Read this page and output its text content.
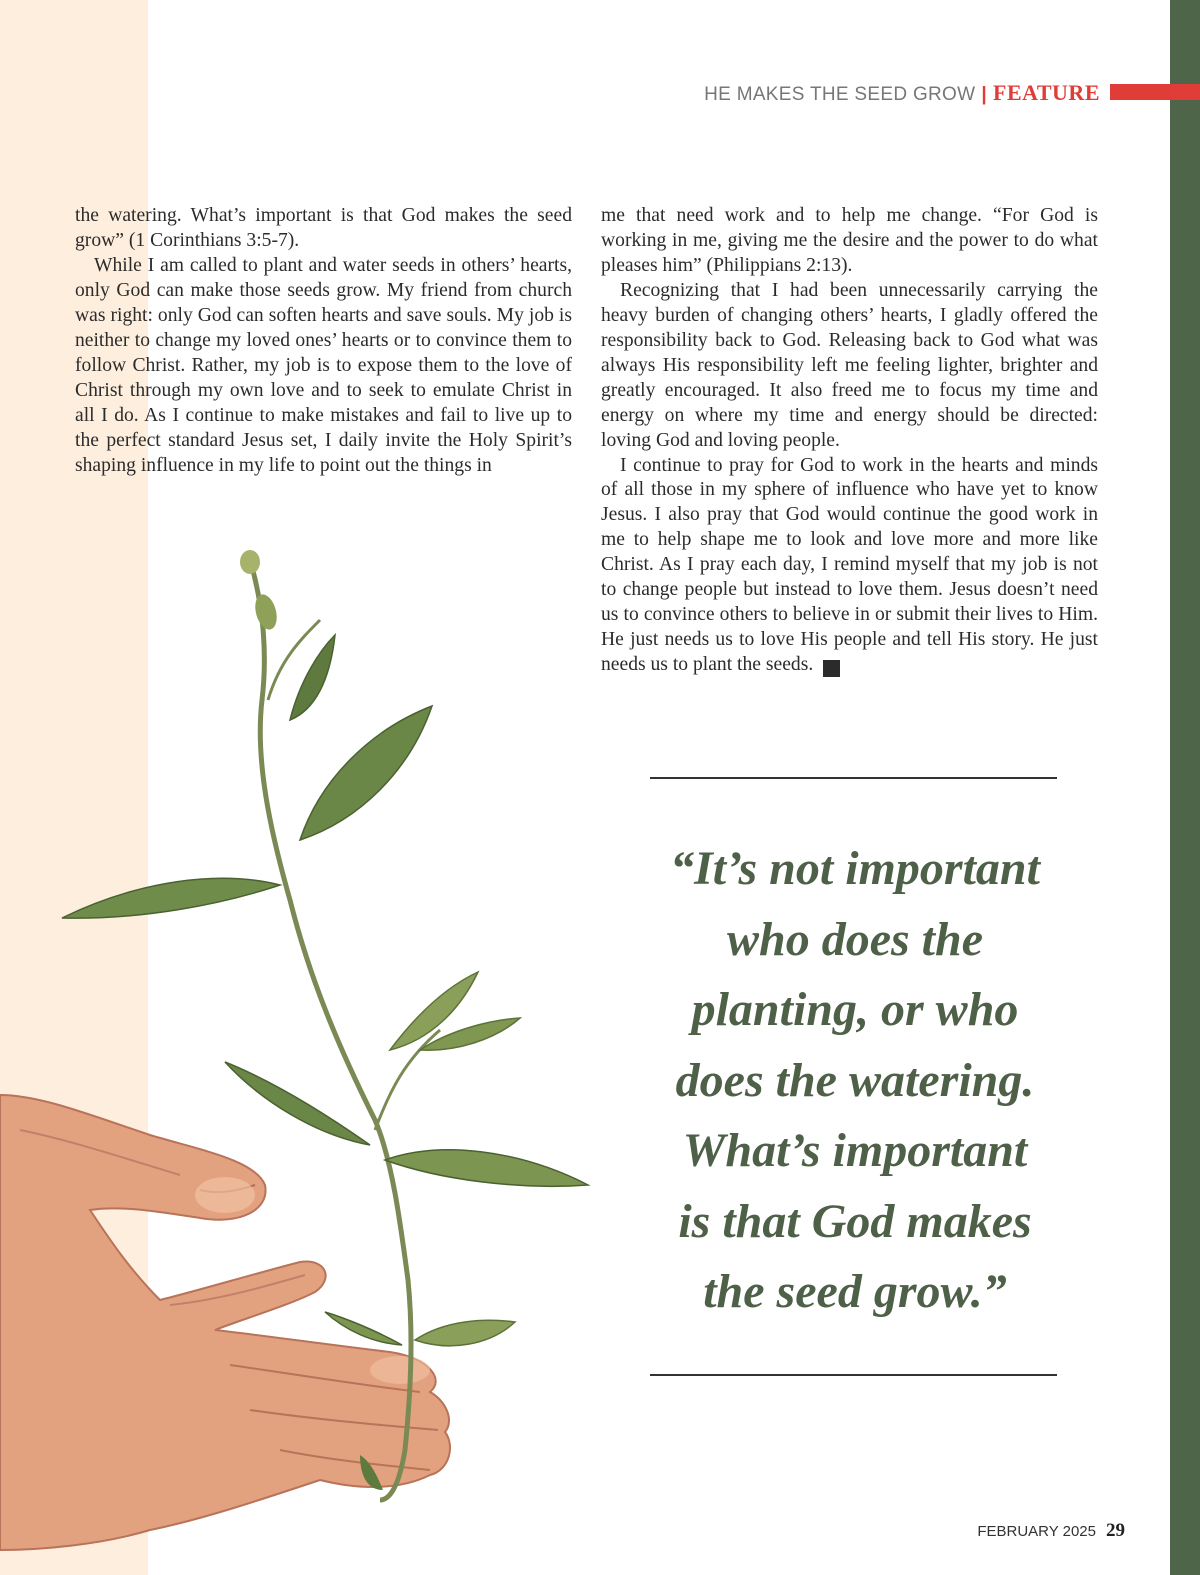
HE MAKES THE SEED GROW | FEATURE

the watering. What’s important is that God makes the seed grow” (1 Corinthians 3:5-7).

While I am called to plant and water seeds in others’ hearts, only God can make those seeds grow. My friend from church was right: only God can soften hearts and save souls. My job is neither to change my loved ones’ hearts or to convince them to follow Christ. Rather, my job is to expose them to the love of Christ through my own love and to seek to emulate Christ in all I do. As I continue to make mistakes and fail to live up to the perfect standard Jesus set, I daily invite the Holy Spirit’s shaping influence in my life to point out the things in

me that need work and to help me change. “For God is working in me, giving me the desire and the power to do what pleases him” (Philippians 2:13).

Recognizing that I had been unnecessarily carrying the heavy burden of changing others’ hearts, I gladly offered the responsibility back to God. Releasing back to God what was always His responsibility left me feeling lighter, brighter and greatly encouraged. It also freed me to focus my time and energy on where my time and energy should be directed: loving God and loving people.

I continue to pray for God to work in the hearts and minds of all those in my sphere of influence who have yet to know Jesus. I also pray that God would continue the good work in me to help shape me to look and love more and more like Christ. As I pray each day, I remind myself that my job is not to change people but instead to love them. Jesus doesn’t need us to convince others to believe in or submit their lives to Him. He just needs us to love His people and tell His story. He just needs us to plant the seeds. ✎

“It’s not important
who does the
planting, or who
does the watering.
What’s important
is that God makes
the seed grow.”
FEBRUARY 2025 29
